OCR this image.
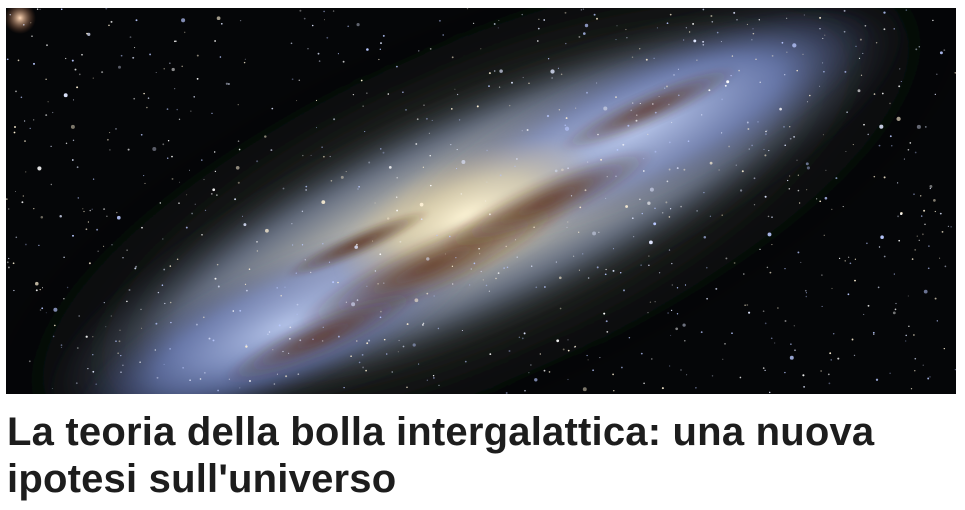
La teoria della bolla intergalattica: una nuova ipotesi sull'universo
